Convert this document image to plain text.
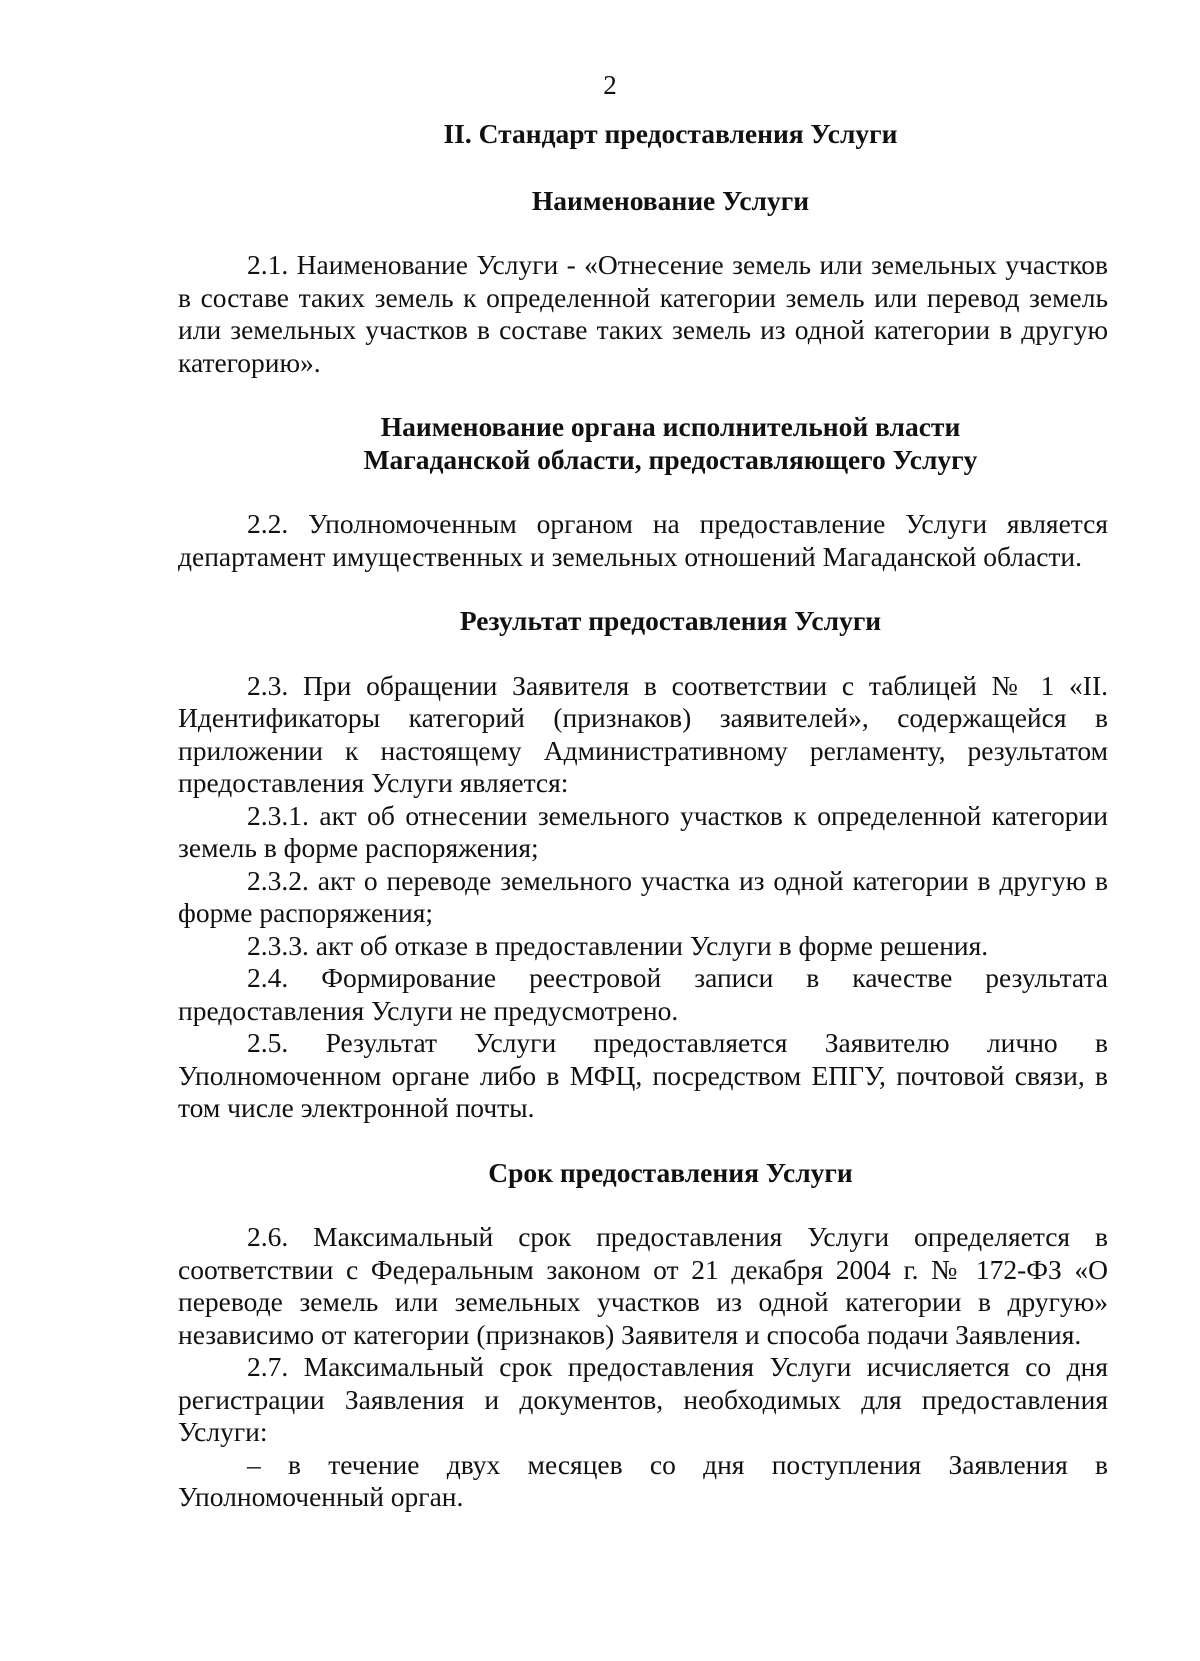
2

II. Стандарт предоставления Услуги

Наименование Услуги

2.1. Наименование Услуги - «Отнесение земель или земельных участков в составе таких земель к определенной категории земель или перевод земель или земельных участков в составе таких земель из одной категории в другую категорию».

Наименование органа исполнительной власти
Магаданской области, предоставляющего Услугу

2.2. Уполномоченным органом на предоставление Услуги является департамент имущественных и земельных отношений Магаданской области.

Результат предоставления Услуги

2.3. При обращении Заявителя в соответствии с таблицей № 1 «II. Идентификаторы категорий (признаков) заявителей», содержащейся в приложении к настоящему Административному регламенту, результатом предоставления Услуги является:

2.3.1. акт об отнесении земельного участков к определенной категории земель в форме распоряжения;

2.3.2. акт о переводе земельного участка из одной категории в другую в форме распоряжения;

2.3.3. акт об отказе в предоставлении Услуги в форме решения.

2.4. Формирование реестровой записи в качестве результата предоставления Услуги не предусмотрено.

2.5. Результат Услуги предоставляется Заявителю лично в Уполномоченном органе либо в МФЦ, посредством ЕПГУ, почтовой связи, в том числе электронной почты.

Срок предоставления Услуги

2.6. Максимальный срок предоставления Услуги определяется в соответствии с Федеральным законом от 21 декабря 2004 г. № 172-ФЗ «О переводе земель или земельных участков из одной категории в другую» независимо от категории (признаков) Заявителя и способа подачи Заявления.

2.7. Максимальный срок предоставления Услуги исчисляется со дня регистрации Заявления и документов, необходимых для предоставления Услуги:

– в течение двух месяцев со дня поступления Заявления в Уполномоченный орган.
